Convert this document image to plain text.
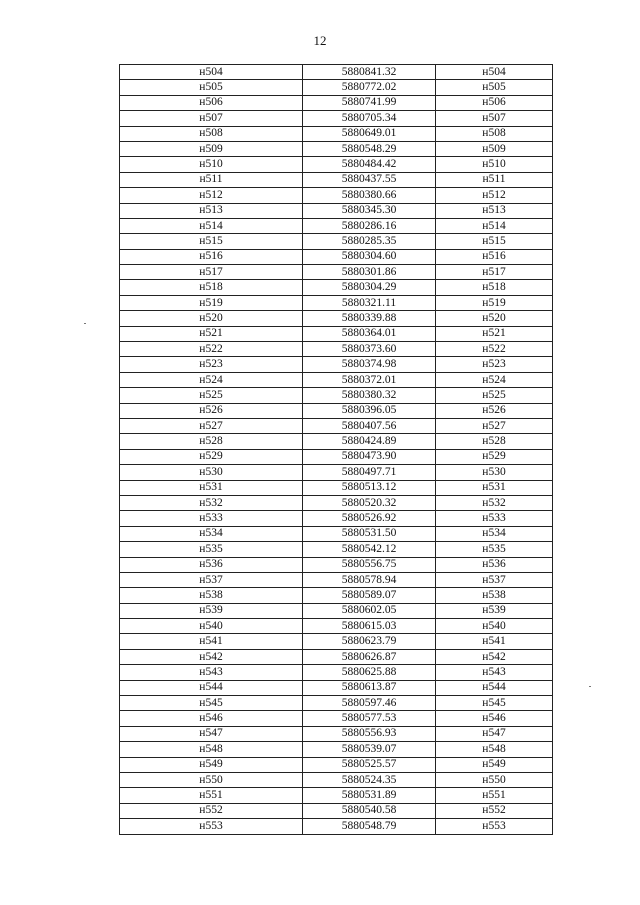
12
н504	5880841.32	н504
н505	5880772.02	н505
н506	5880741.99	н506
н507	5880705.34	н507
н508	5880649.01	н508
н509	5880548.29	н509
н510	5880484.42	н510
н511	5880437.55	н511
н512	5880380.66	н512
н513	5880345.30	н513
н514	5880286.16	н514
н515	5880285.35	н515
н516	5880304.60	н516
н517	5880301.86	н517
н518	5880304.29	н518
н519	5880321.11	н519
н520	5880339.88	н520
н521	5880364.01	н521
н522	5880373.60	н522
н523	5880374.98	н523
н524	5880372.01	н524
н525	5880380.32	н525
н526	5880396.05	н526
н527	5880407.56	н527
н528	5880424.89	н528
н529	5880473.90	н529
н530	5880497.71	н530
н531	5880513.12	н531
н532	5880520.32	н532
н533	5880526.92	н533
н534	5880531.50	н534
н535	5880542.12	н535
н536	5880556.75	н536
н537	5880578.94	н537
н538	5880589.07	н538
н539	5880602.05	н539
н540	5880615.03	н540
н541	5880623.79	н541
н542	5880626.87	н542
н543	5880625.88	н543
н544	5880613.87	н544
н545	5880597.46	н545
н546	5880577.53	н546
н547	5880556.93	н547
н548	5880539.07	н548
н549	5880525.57	н549
н550	5880524.35	н550
н551	5880531.89	н551
н552	5880540.58	н552
н553	5880548.79	н553
